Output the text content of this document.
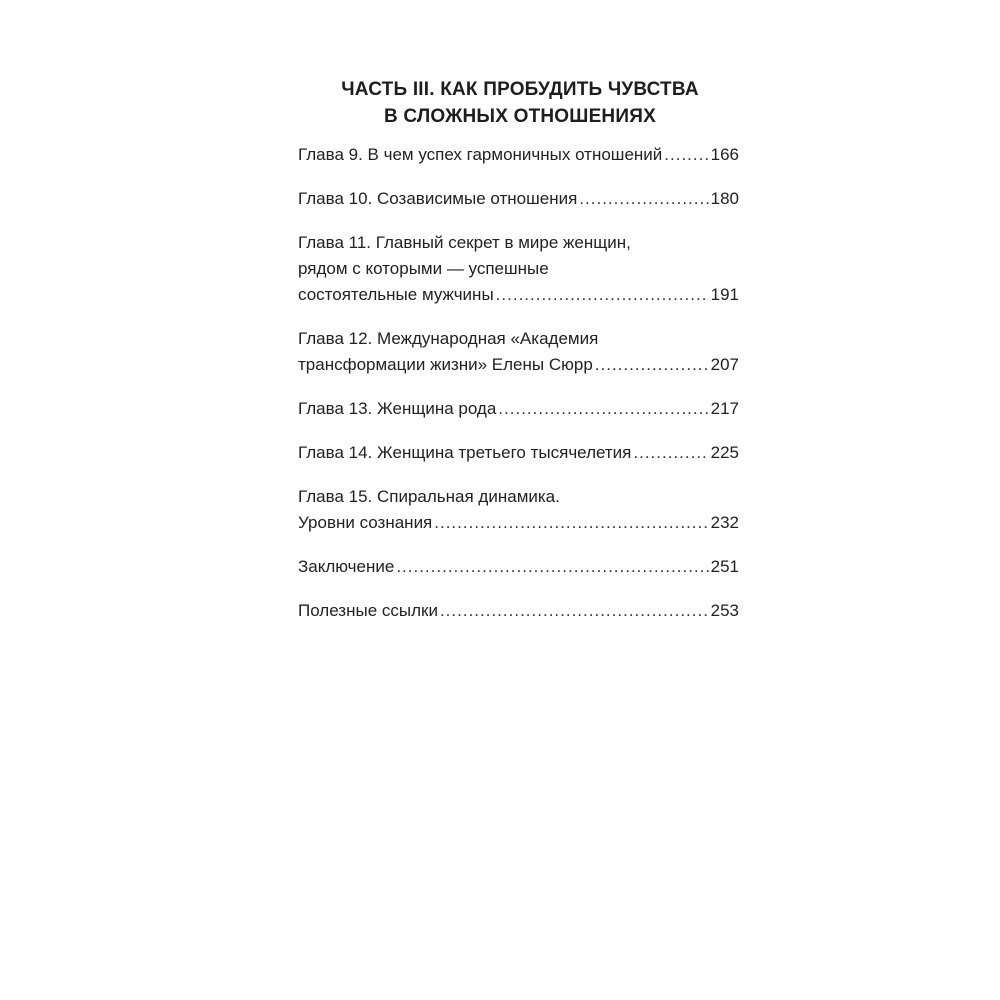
ЧАСТЬ III. КАК ПРОБУДИТЬ ЧУВСТВА
В СЛОЖНЫХ ОТНОШЕНИЯХ
Глава 9. В чем успех гармоничных отношений .....	166
Глава 10. Созависимые отношения .....	180
Глава 11. Главный секрет в мире женщин,
рядом с которыми — успешные
состоятельные мужчины .....	191
Глава 12. Международная «Академия
трансформации жизни» Елены Сюрр .....	207
Глава 13. Женщина рода .....	217
Глава 14. Женщина третьего тысячелетия .....	225
Глава 15. Спиральная динамика.
Уровни сознания .....	232
Заключение .....	251
Полезные ссылки .....	253
